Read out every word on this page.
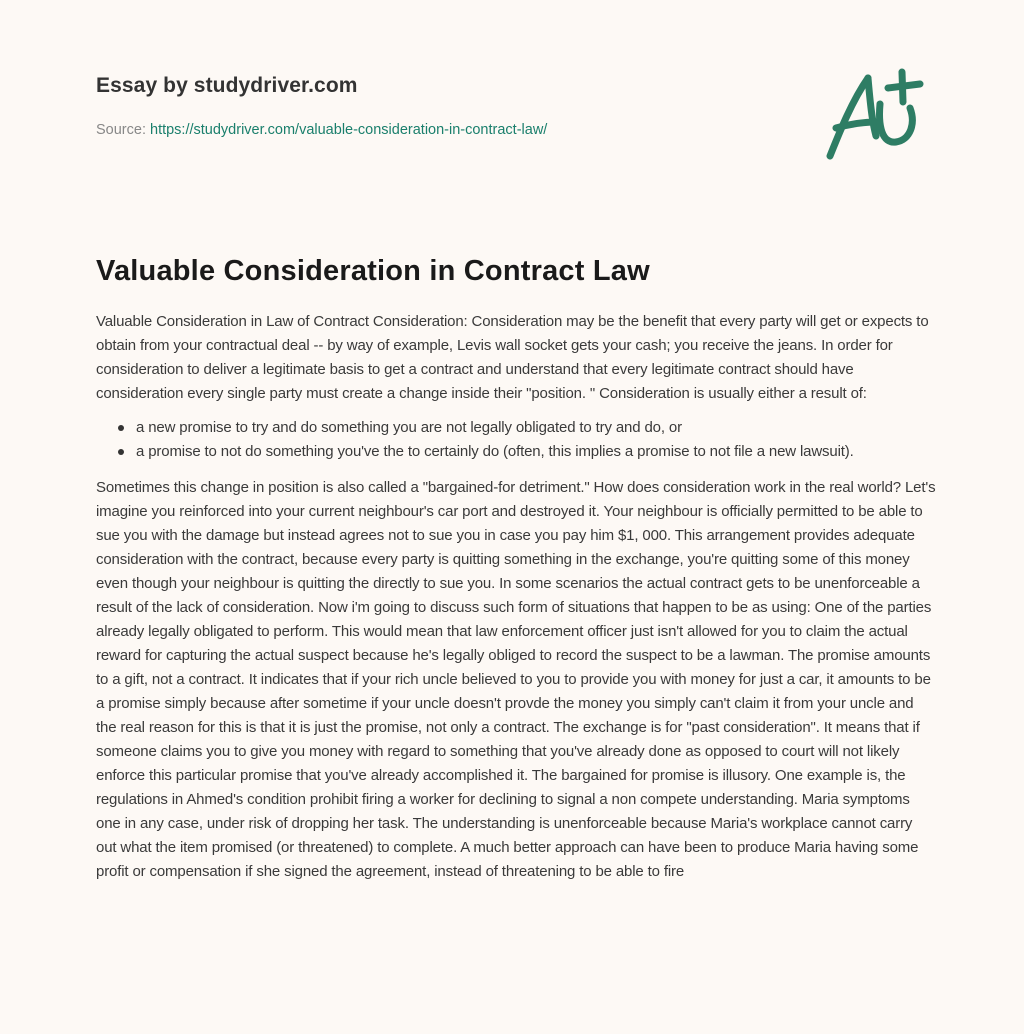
Essay by studydriver.com
Source: https://studydriver.com/valuable-consideration-in-contract-law/
Valuable Consideration in Contract Law

Valuable Consideration in Law of Contract Consideration: Consideration may be the benefit that every party will get or expects to obtain from your contractual deal -- by way of example, Levis wall socket gets your cash; you receive the jeans. In order for consideration to deliver a legitimate basis to get a contract and understand that every legitimate contract should have consideration every single party must create a change inside their "position. " Consideration is usually either a result of:

a new promise to try and do something you are not legally obligated to try and do, or
a promise to not do something you've the to certainly do (often, this implies a promise to not file a new lawsuit).

Sometimes this change in position is also called a "bargained-for detriment." How does consideration work in the real world? Let's imagine you reinforced into your current neighbour's car port and destroyed it. Your neighbour is officially permitted to be able to sue you with the damage but instead agrees not to sue you in case you pay him $1, 000. This arrangement provides adequate consideration with the contract, because every party is quitting something in the exchange, you're quitting some of this money even though your neighbour is quitting the directly to sue you. In some scenarios the actual contract gets to be unenforceable a result of the lack of consideration. Now i'm going to discuss such form of situations that happen to be as using: One of the parties already legally obligated to perform. This would mean that law enforcement officer just isn't allowed for you to claim the actual reward for capturing the actual suspect because he's legally obliged to record the suspect to be a lawman. The promise amounts to a gift, not a contract. It indicates that if your rich uncle believed to you to provide you with money for just a car, it amounts to be a promise simply because after sometime if your uncle doesn't provde the money you simply can't claim it from your uncle and the real reason for this is that it is just the promise, not only a contract. The exchange is for "past consideration". It means that if someone claims you to give you money with regard to something that you've already done as opposed to court will not likely enforce this particular promise that you've already accomplished it. The bargained for promise is illusory. One example is, the regulations in Ahmed's condition prohibit firing a worker for declining to signal a non compete understanding. Maria symptoms one in any case, under risk of dropping her task. The understanding is unenforceable because Maria's workplace cannot carry out what the item promised (or threatened) to complete. A much better approach can have been to produce Maria having some profit or compensation if she signed the agreement, instead of threatening to be able to fire
